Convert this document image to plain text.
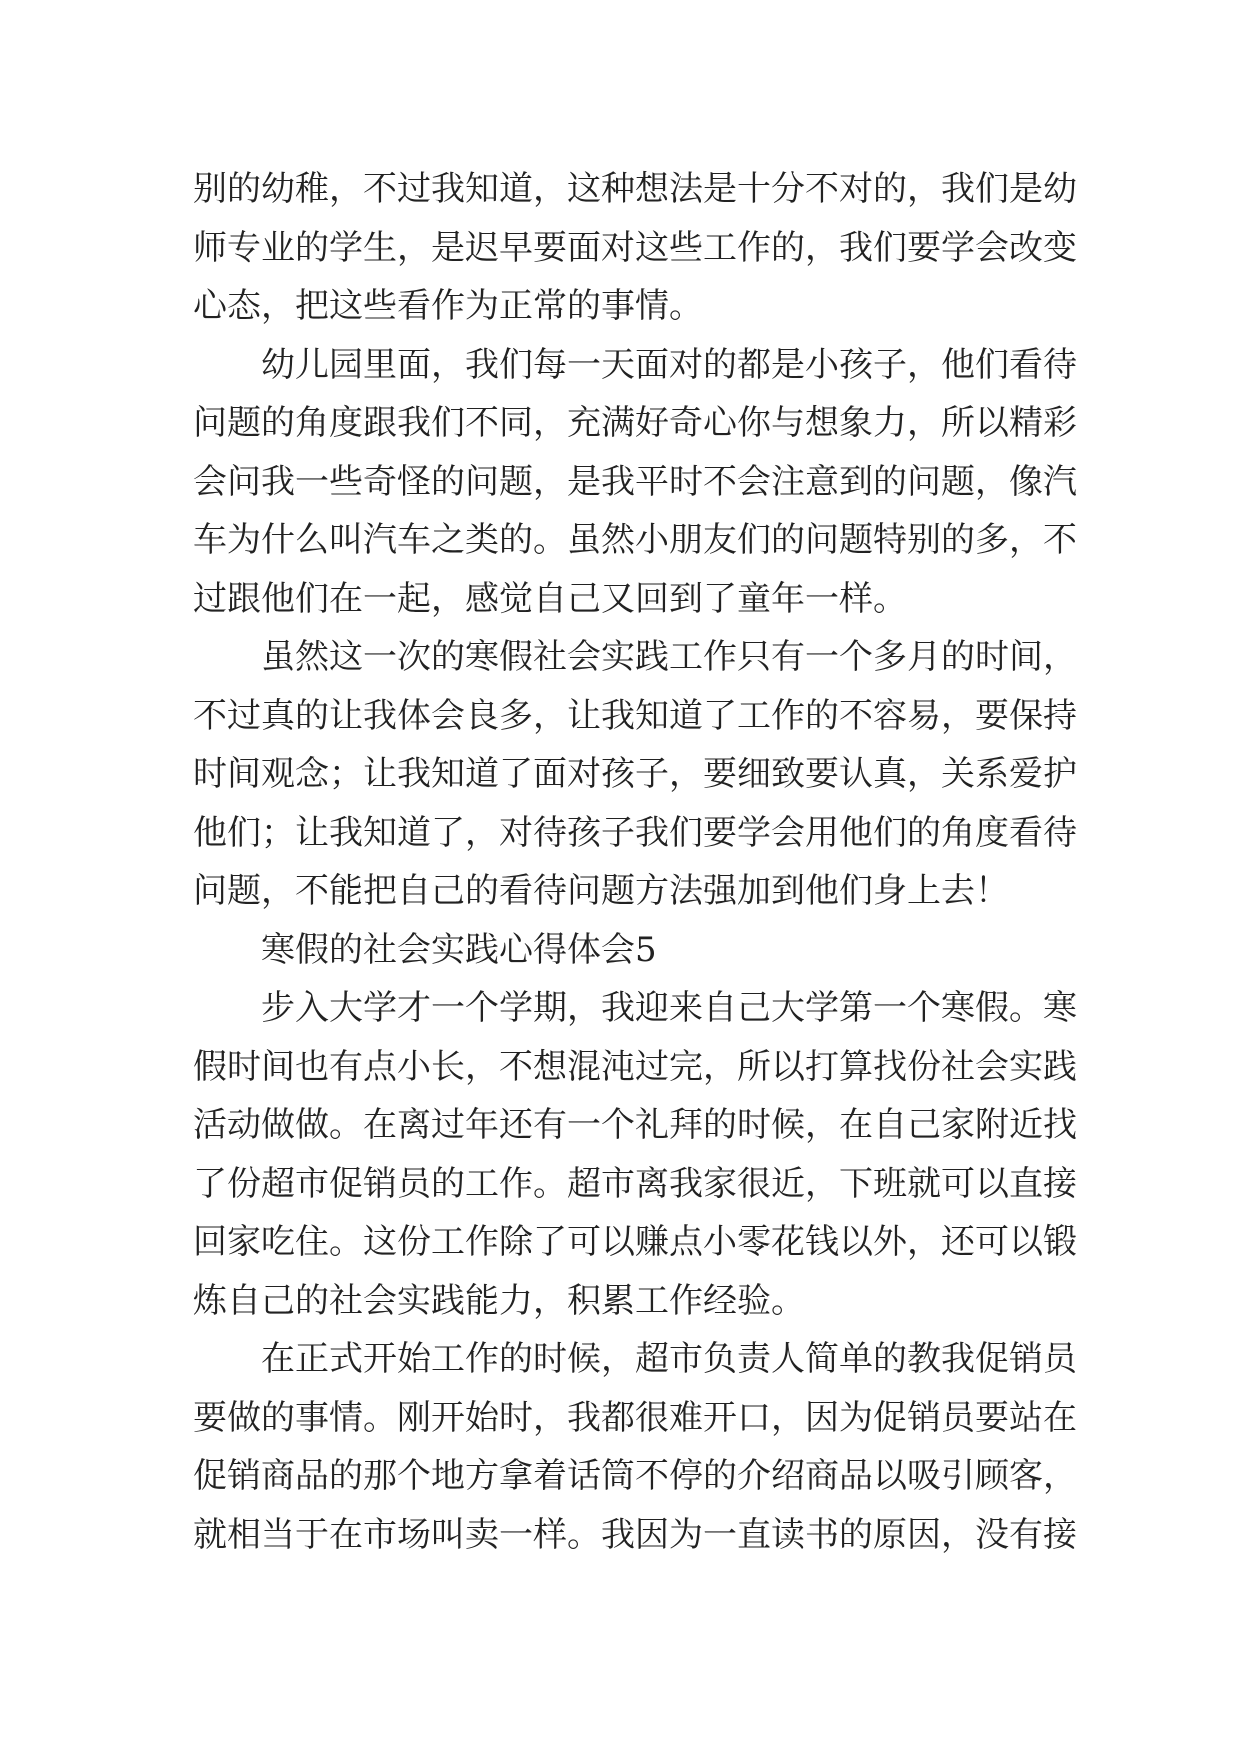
别的幼稚，不过我知道，这种想法是十分不对的，我们是幼
师专业的学生，是迟早要面对这些工作的，我们要学会改变
心态，把这些看作为正常的事情。
幼儿园里面，我们每一天面对的都是小孩子，他们看待
问题的角度跟我们不同，充满好奇心你与想象力，所以精彩
会问我一些奇怪的问题，是我平时不会注意到的问题，像汽
车为什么叫汽车之类的。虽然小朋友们的问题特别的多，不
过跟他们在一起，感觉自己又回到了童年一样。
虽然这一次的寒假社会实践工作只有一个多月的时间，
不过真的让我体会良多，让我知道了工作的不容易，要保持
时间观念；让我知道了面对孩子，要细致要认真，关系爱护
他们；让我知道了，对待孩子我们要学会用他们的角度看待
问题，不能把自己的看待问题方法强加到他们身上去！
寒假的社会实践心得体会5
步入大学才一个学期，我迎来自己大学第一个寒假。寒
假时间也有点小长，不想混沌过完，所以打算找份社会实践
活动做做。在离过年还有一个礼拜的时候，在自己家附近找
了份超市促销员的工作。超市离我家很近，下班就可以直接
回家吃住。这份工作除了可以赚点小零花钱以外，还可以锻
炼自己的社会实践能力，积累工作经验。
在正式开始工作的时候，超市负责人简单的教我促销员
要做的事情。刚开始时，我都很难开口，因为促销员要站在
促销商品的那个地方拿着话筒不停的介绍商品以吸引顾客，
就相当于在市场叫卖一样。我因为一直读书的原因，没有接
